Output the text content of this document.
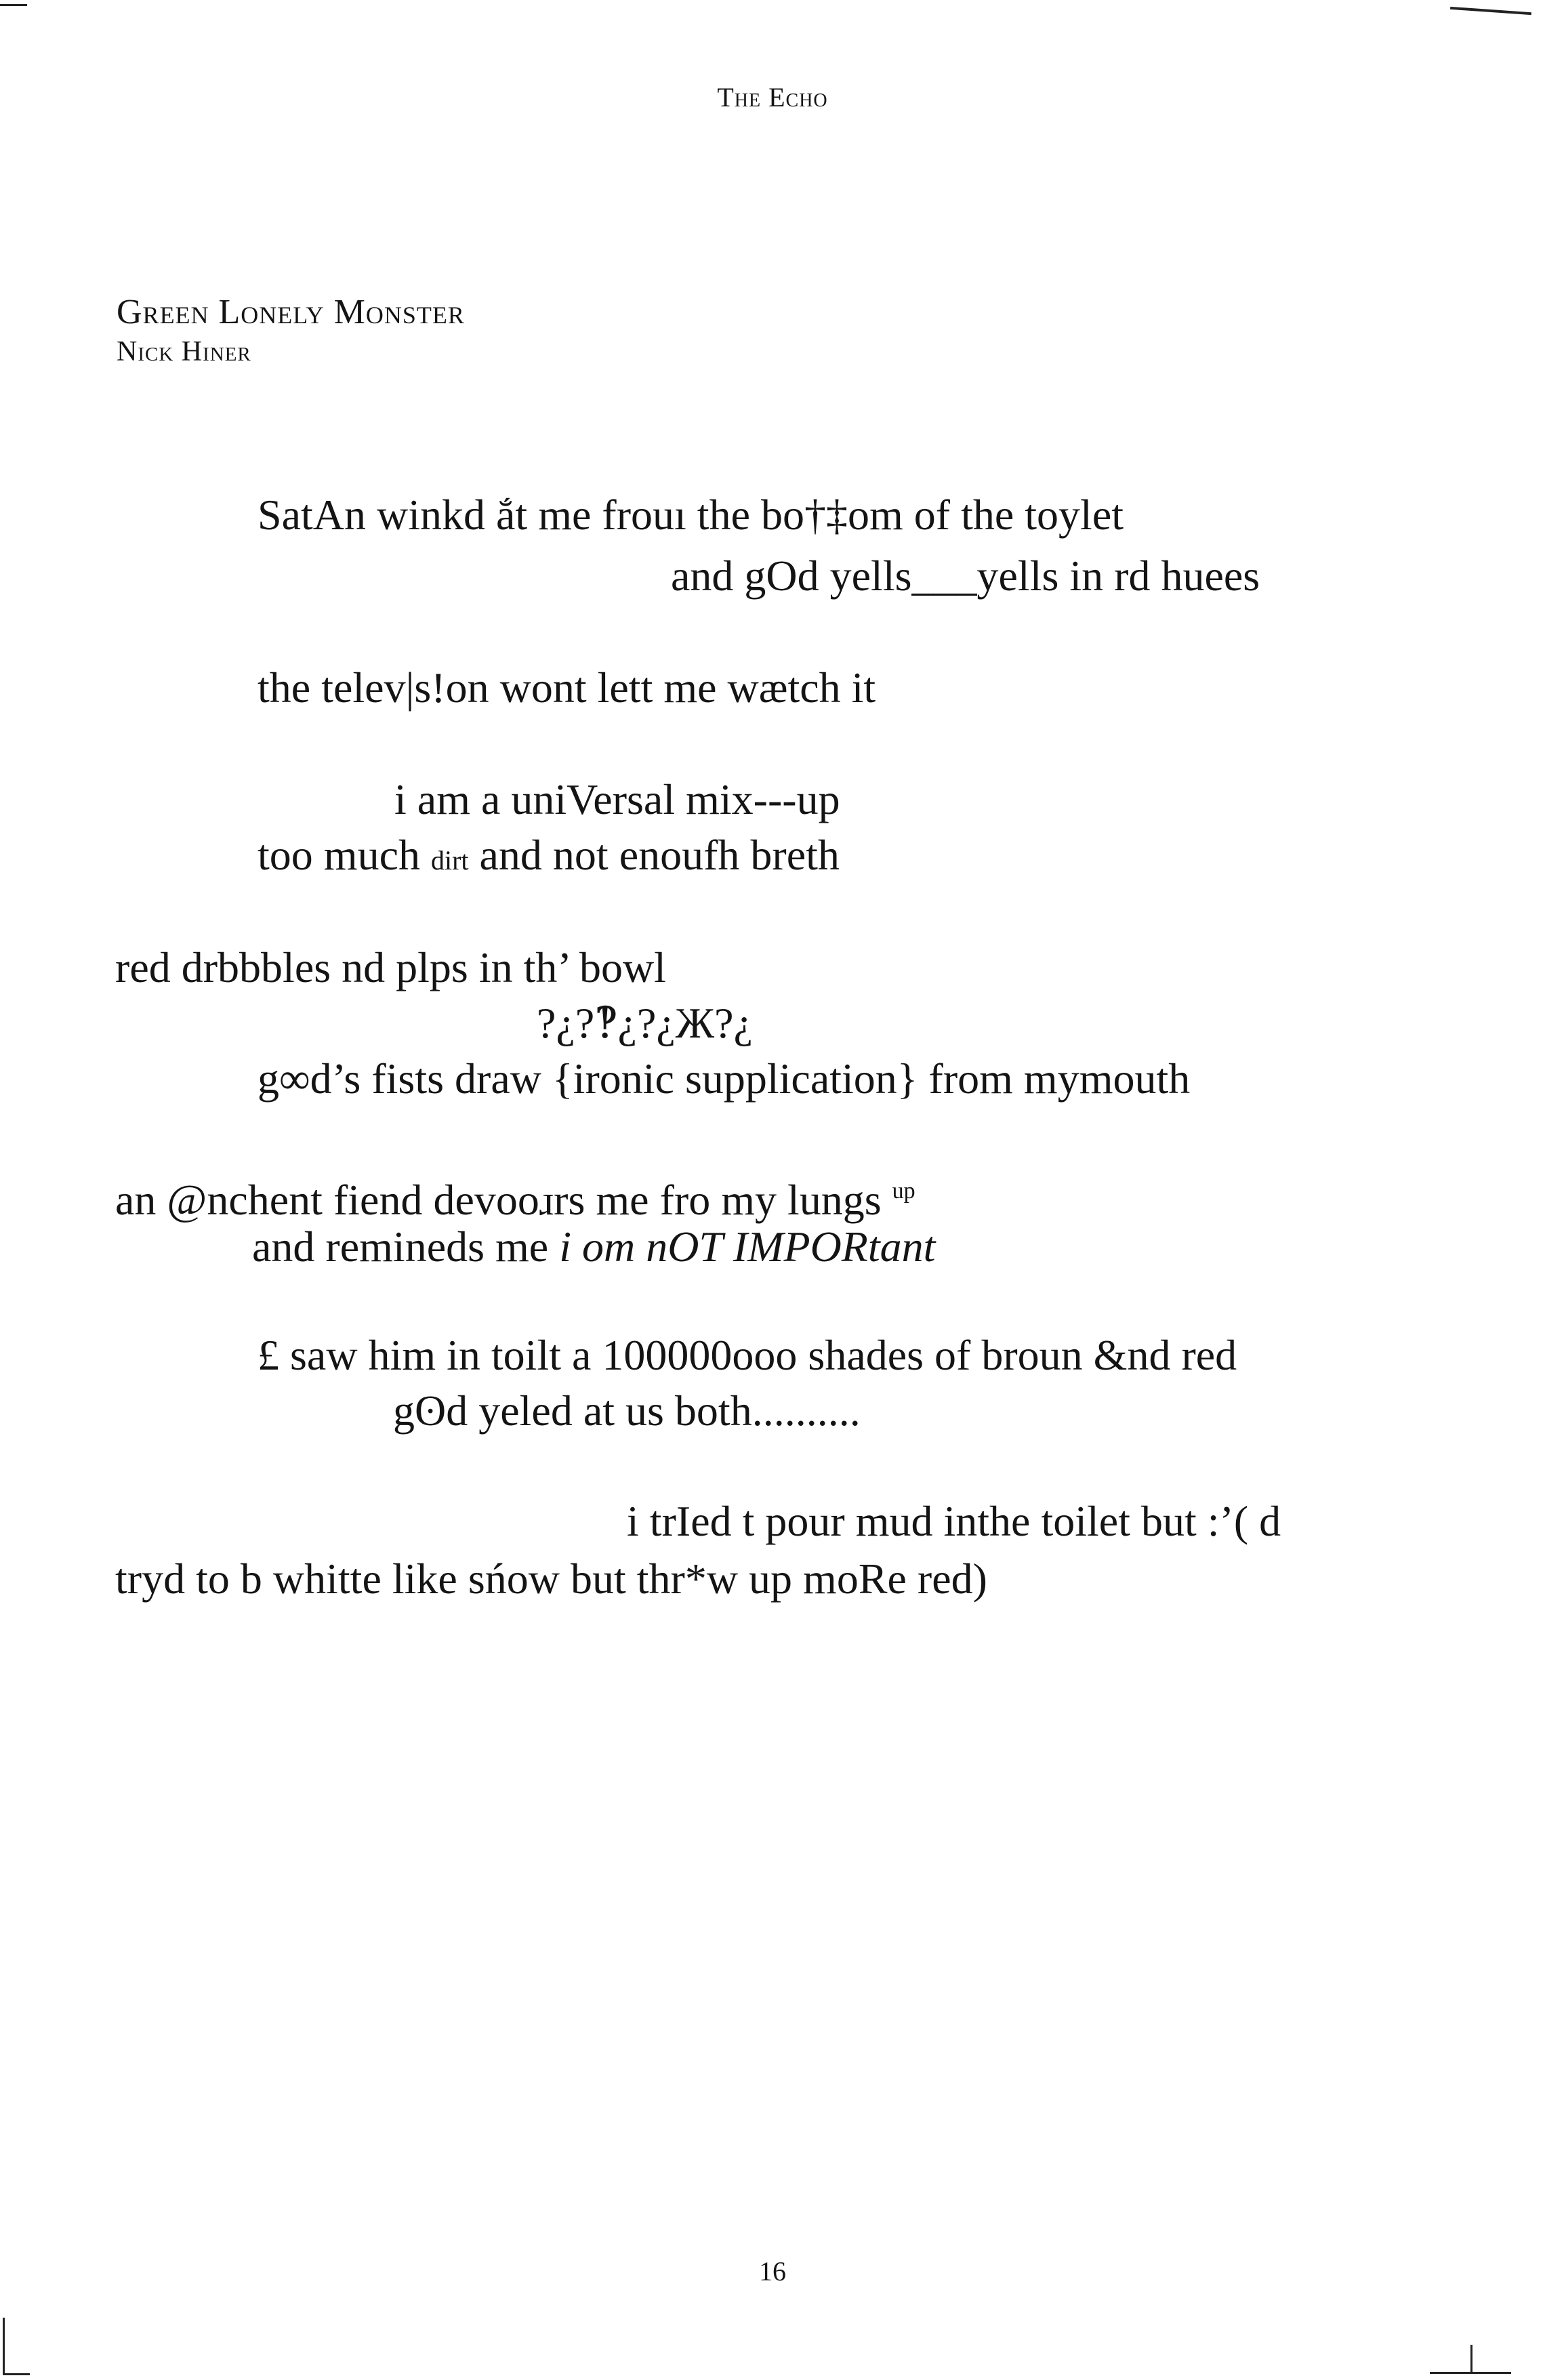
The Echo
Green Lonely Monster
Nick Hiner
SatAn winkd ắt me frouı the bo†‡om of the toylet
and gOd yells___yells in rd huees
the telev|s!on wont lett me wætch it
i am a uniVersal mix---up
too much dirt and not enoufh breth
red drbbbles nd plps in th’ bowl
?¿?‽¿?¿Ж?¿
g∞d’s fists draw {ironic supplication} from mymouth
an @nchent fiend devooɹrs me fro my lungs $^{up}$
and remineds me i om nOT IMPORtant
£ saw him in toilt a 100000ooo shades of broun &nd red
gʘd yeled at us both..........
i trIed t pour mud inthe toilet but :’( d
tryd to b whitte like sńow but thr*w up moRe red)
16
